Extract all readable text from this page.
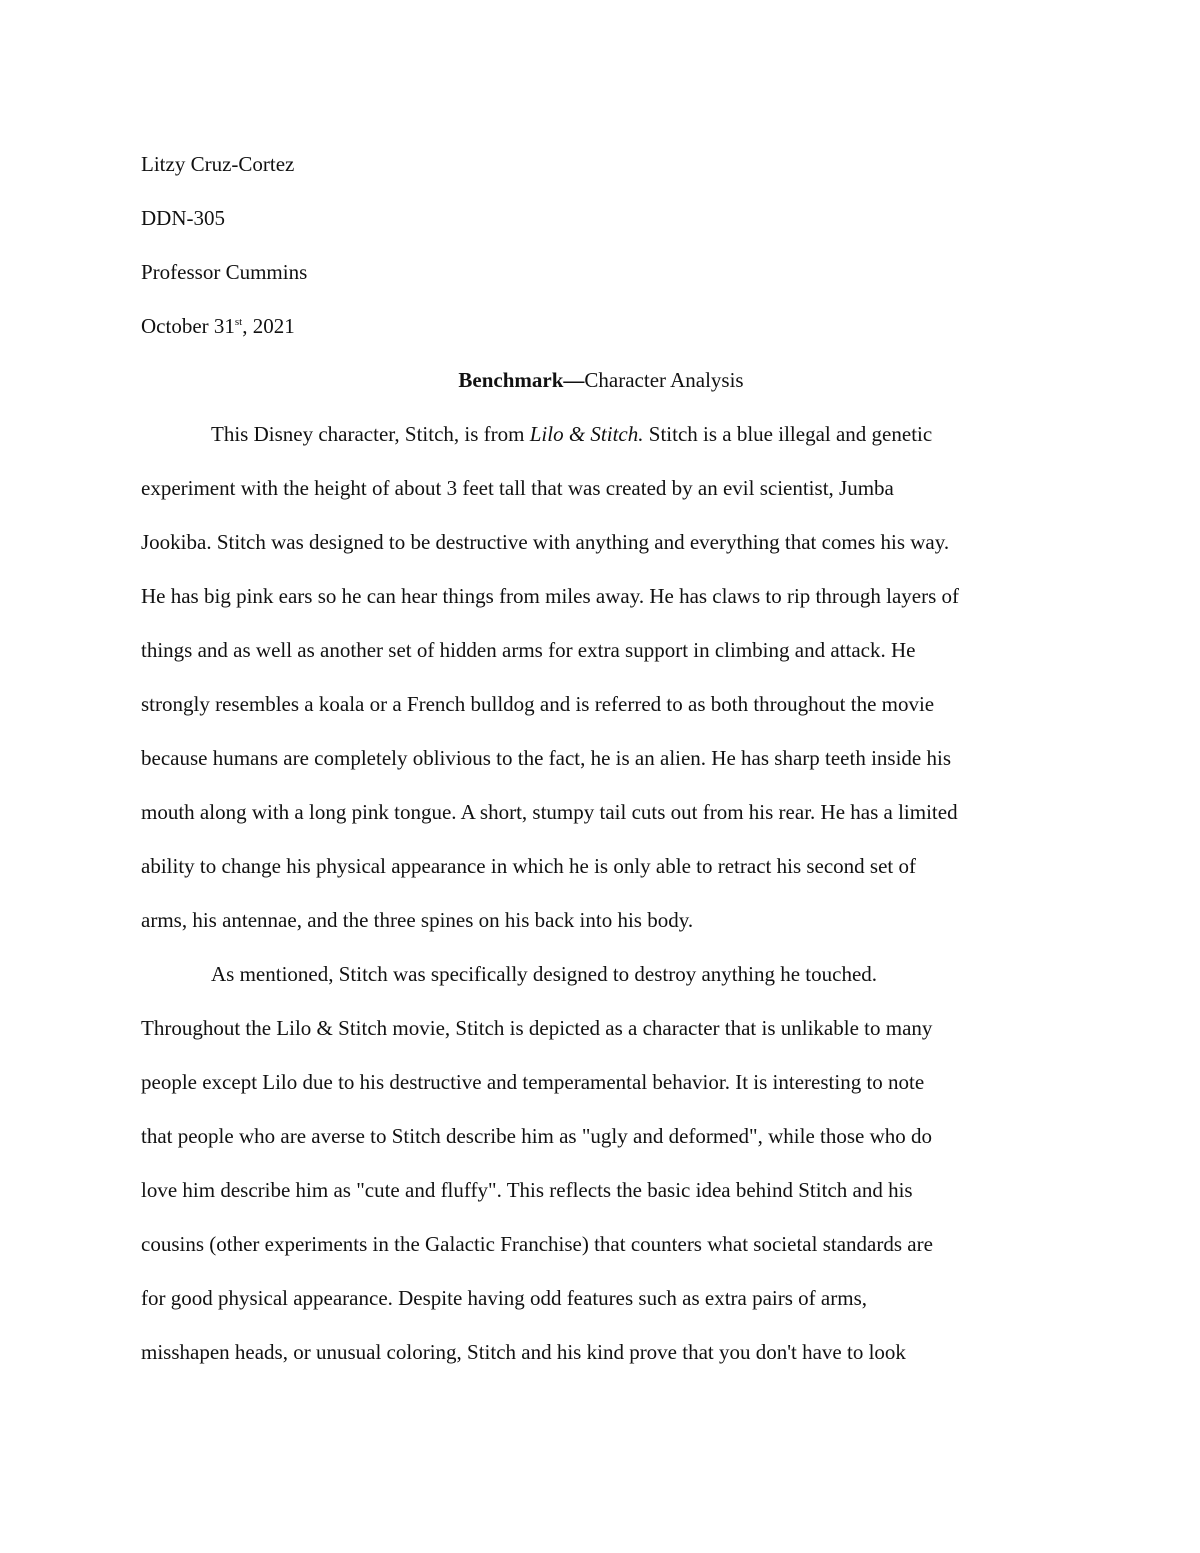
Litzy Cruz-Cortez
DDN-305
Professor Cummins
October 31st, 2021
Benchmark—Character Analysis
This Disney character, Stitch, is from Lilo & Stitch. Stitch is a blue illegal and genetic
experiment with the height of about 3 feet tall that was created by an evil scientist, Jumba
Jookiba. Stitch was designed to be destructive with anything and everything that comes his way.
He has big pink ears so he can hear things from miles away. He has claws to rip through layers of
things and as well as another set of hidden arms for extra support in climbing and attack. He
strongly resembles a koala or a French bulldog and is referred to as both throughout the movie
because humans are completely oblivious to the fact, he is an alien. He has sharp teeth inside his
mouth along with a long pink tongue. A short, stumpy tail cuts out from his rear. He has a limited
ability to change his physical appearance in which he is only able to retract his second set of
arms, his antennae, and the three spines on his back into his body.
As mentioned, Stitch was specifically designed to destroy anything he touched.
Throughout the Lilo & Stitch movie, Stitch is depicted as a character that is unlikable to many
people except Lilo due to his destructive and temperamental behavior. It is interesting to note
that people who are averse to Stitch describe him as "ugly and deformed", while those who do
love him describe him as "cute and fluffy". This reflects the basic idea behind Stitch and his
cousins (other experiments in the Galactic Franchise) that counters what societal standards are
for good physical appearance. Despite having odd features such as extra pairs of arms,
misshapen heads, or unusual coloring, Stitch and his kind prove that you don't have to look
